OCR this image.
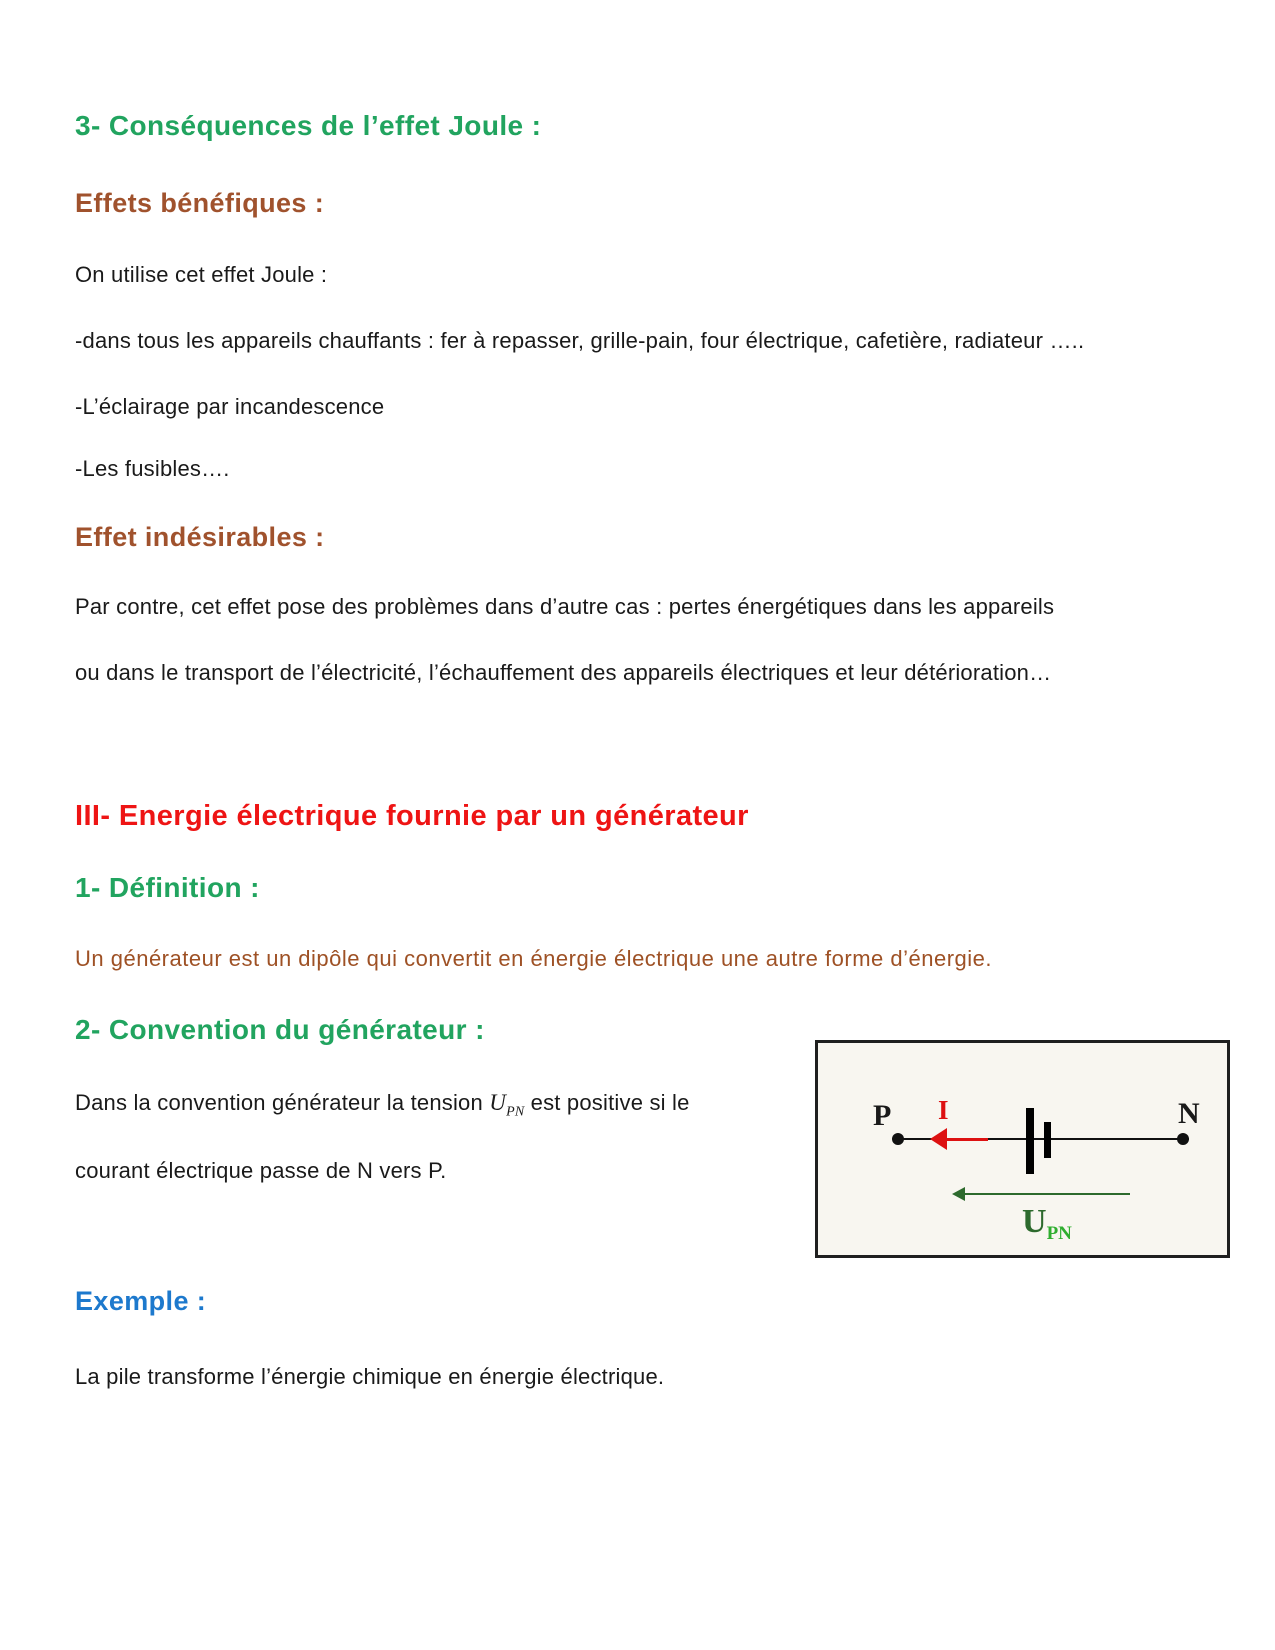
3- Conséquences de l’effet Joule :
Effets bénéfiques :
On utilise cet effet Joule :
-dans tous les appareils chauffants : fer à repasser, grille-pain, four électrique, cafetière, radiateur …..
-L’éclairage par incandescence
-Les fusibles….
Effet indésirables :
Par contre, cet effet pose des problèmes dans d’autre cas : pertes énergétiques dans les appareils
ou dans le transport de l’électricité, l’échauffement des appareils électriques et leur détérioration…
III- Energie électrique fournie par un générateur
1- Définition :
Un générateur est un dipôle qui convertit en énergie électrique une autre forme d’énergie.
2- Convention du générateur :
Dans la convention générateur la tension $U_{PN}$ est positive si le
courant électrique passe de N vers P.
P	N
I
$U_{PN}$
Exemple :
La pile transforme l’énergie chimique en énergie électrique.
